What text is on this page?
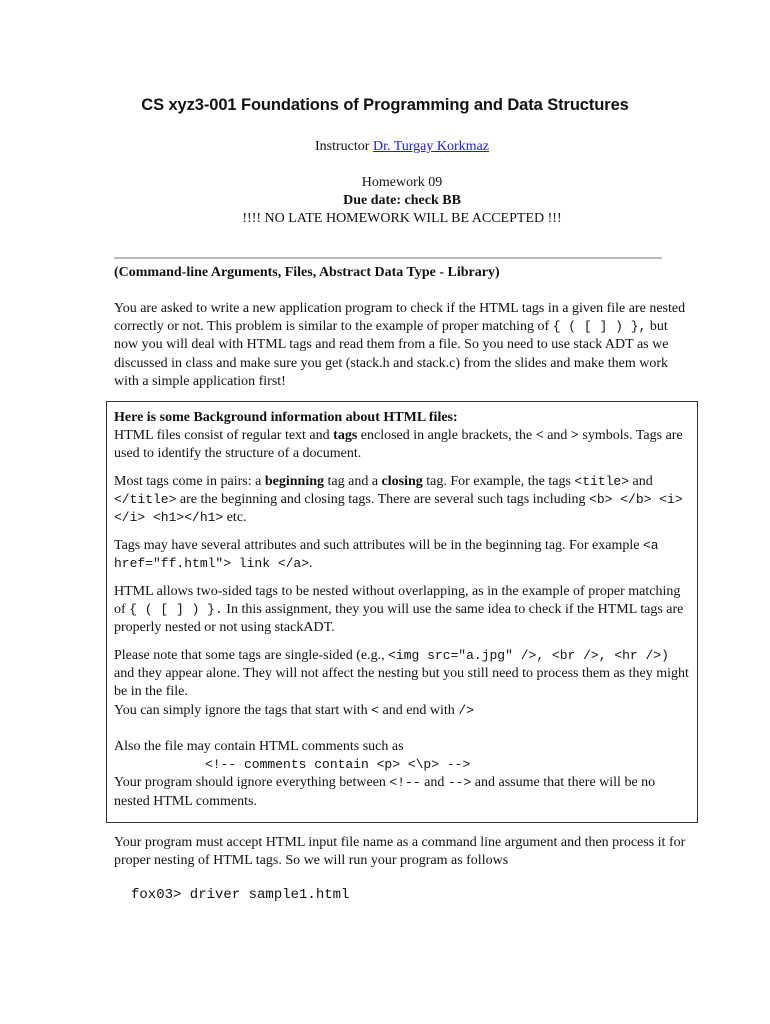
CS xyz3-001 Foundations of Programming and Data Structures
Instructor Dr. Turgay Korkmaz
Homework 09
Due date: check BB
!!!! NO LATE HOMEWORK WILL BE ACCEPTED !!!
(Command-line Arguments, Files, Abstract Data Type - Library)
You are asked to write a new application program to check if the HTML tags in a given file are nested correctly or not. This problem is similar to the example of proper matching of { ( [ ] ) }, but now you will deal with HTML tags and read them from a file. So you need to use stack ADT as we discussed in class and make sure you get (stack.h and stack.c) from the slides and make them work with a simple application first!
Here is some Background information about HTML files:
HTML files consist of regular text and tags enclosed in angle brackets, the < and > symbols. Tags are used to identify the structure of a document.
Most tags come in pairs: a beginning tag and a closing tag. For example, the tags <title> and </title> are the beginning and closing tags. There are several such tags including <b> </b> <i> </i> <h1></h1> etc.
Tags may have several attributes and such attributes will be in the beginning tag. For example <a href="ff.html"> link </a>.
HTML allows two-sided tags to be nested without overlapping, as in the example of proper matching of { ( [ ] ) }. In this assignment, they you will use the same idea to check if the HTML tags are properly nested or not using stackADT.
Please note that some tags are single-sided (e.g., <img src="a.jpg" />, <br />, <hr />) and they appear alone. They will not affect the nesting but you still need to process them as they might be in the file.
You can simply ignore the tags that start with < and end with />
Also the file may contain HTML comments such as

<!-- comments contain <p> <\p> -->
Your program should ignore everything between <!-- and --> and assume that there will be no nested HTML comments.
Your program must accept HTML input file name as a command line argument and then process it for proper nesting of HTML tags. So we will run your program as follows
fox03> driver sample1.html
